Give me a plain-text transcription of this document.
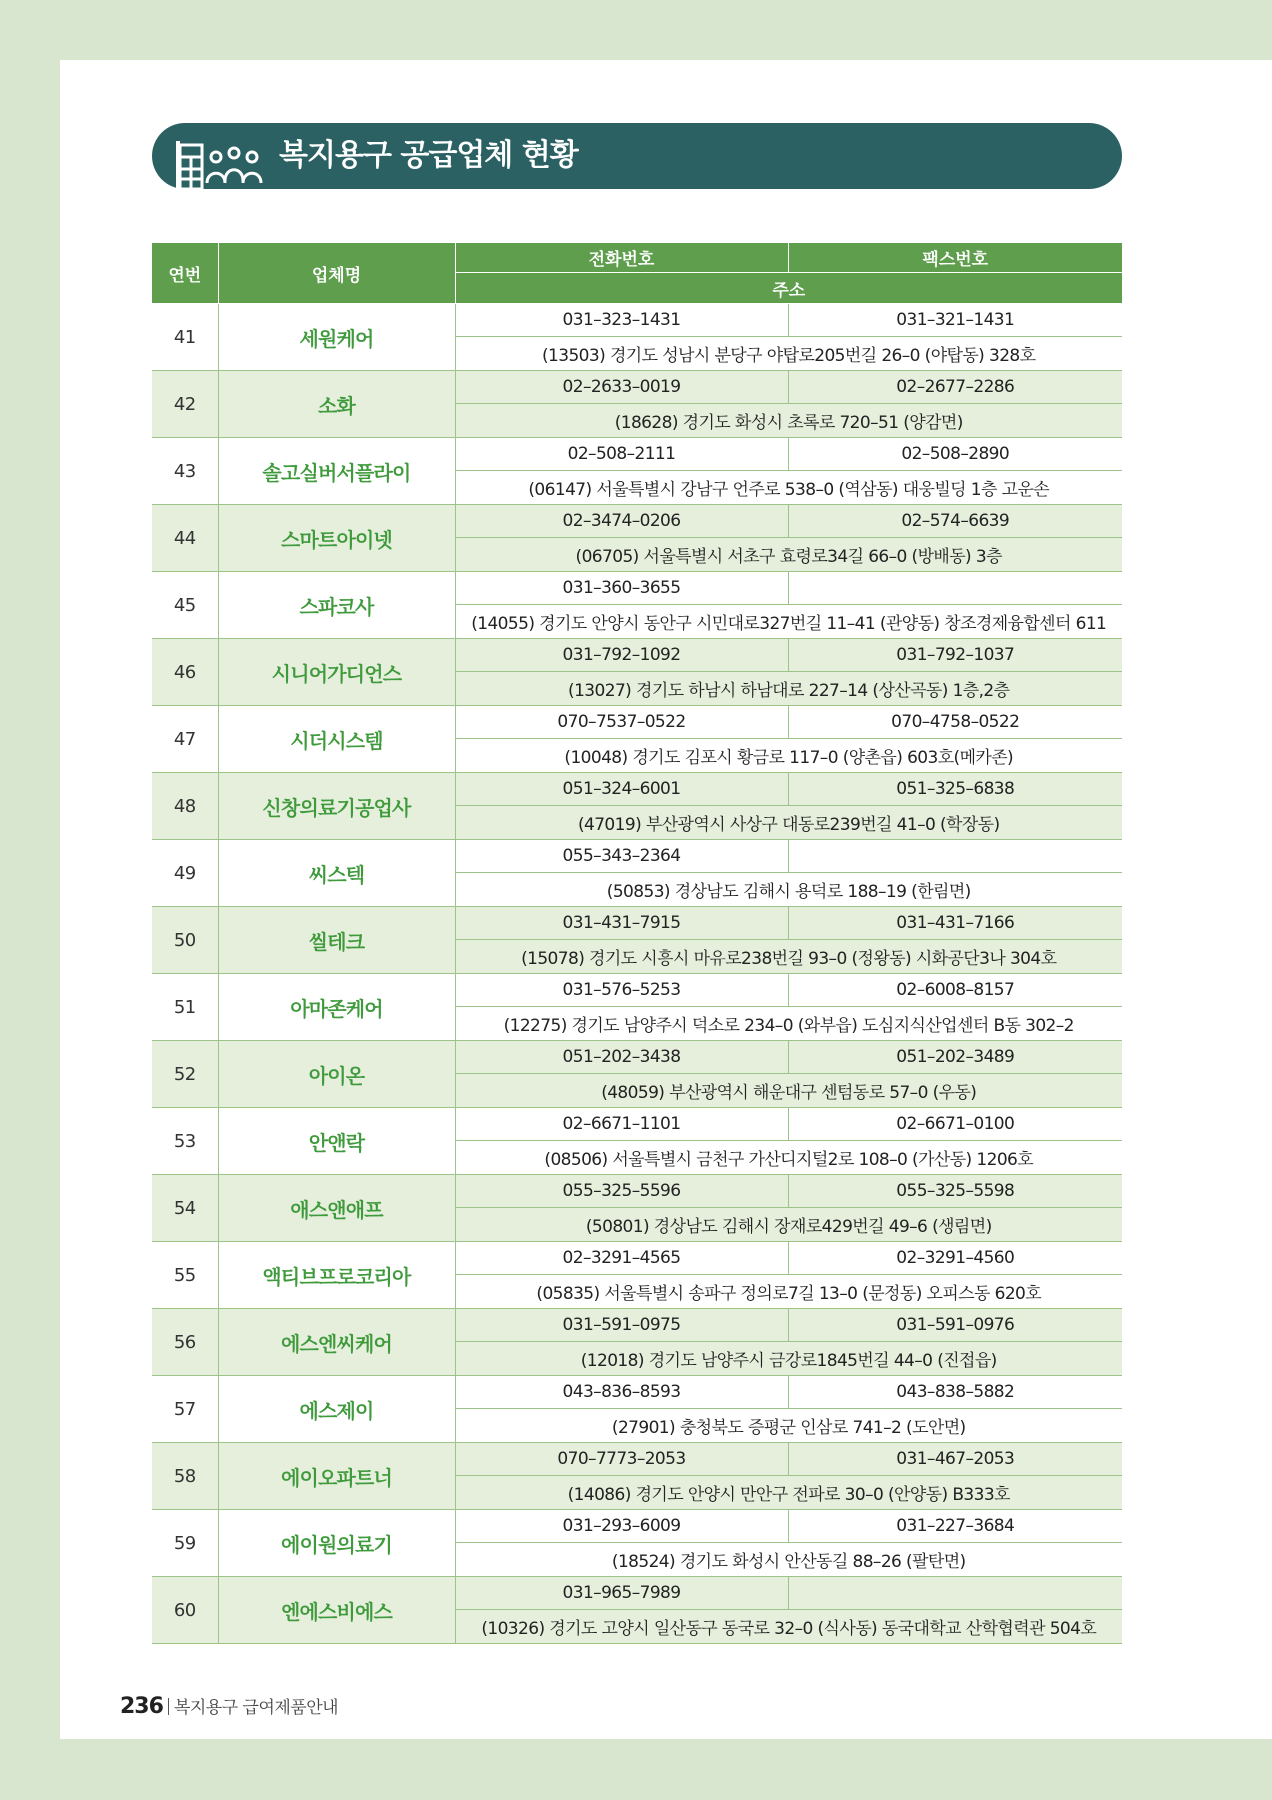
복지용구 공급업체 현황
연번	업체명	전화번호	팩스번호
		주소	
41	세원케어	031–323–1431	031–321–1431
		(13503) 경기도 성남시 분당구 야탑로205번길 26–0 (야탑동) 328호	
42	소화	02–2633–0019	02–2677–2286
		(18628) 경기도 화성시 초록로 720–51 (양감면)	
43	솔고실버서플라이	02–508–2111	02–508–2890
		(06147) 서울특별시 강남구 언주로 538–0 (역삼동) 대웅빌딩 1층 고운손	
44	스마트아이넷	02–3474–0206	02–574–6639
		(06705) 서울특별시 서초구 효령로34길 66–0 (방배동) 3층	
45	스파코사	031–360–3655	
		(14055) 경기도 안양시 동안구 시민대로327번길 11–41 (관양동) 창조경제융합센터 611	
46	시니어가디언스	031–792–1092	031–792–1037
		(13027) 경기도 하남시 하남대로 227–14 (상산곡동) 1층,2층	
47	시더시스템	070–7537–0522	070–4758–0522
		(10048) 경기도 김포시 황금로 117–0 (양촌읍) 603호(메카존)	
48	신창의료기공업사	051–324–6001	051–325–6838
		(47019) 부산광역시 사상구 대동로239번길 41–0 (학장동)	
49	씨스텍	055–343–2364	
		(50853) 경상남도 김해시 용덕로 188–19 (한림면)	
50	씰테크	031–431–7915	031–431–7166
		(15078) 경기도 시흥시 마유로238번길 93–0 (정왕동) 시화공단3나 304호	
51	아마존케어	031–576–5253	02–6008–8157
		(12275) 경기도 남양주시 덕소로 234–0 (와부읍) 도심지식산업센터 B동 302–2	
52	아이온	051–202–3438	051–202–3489
		(48059) 부산광역시 해운대구 센텀동로 57–0 (우동)	
53	안앤락	02–6671–1101	02–6671–0100
		(08506) 서울특별시 금천구 가산디지털2로 108–0 (가산동) 1206호	
54	애스앤애프	055–325–5596	055–325–5598
		(50801) 경상남도 김해시 장재로429번길 49–6 (생림면)	
55	액티브프로코리아	02–3291–4565	02–3291–4560
		(05835) 서울특별시 송파구 정의로7길 13–0 (문정동) 오피스동 620호	
56	에스엔씨케어	031–591–0975	031–591–0976
		(12018) 경기도 남양주시 금강로1845번길 44–0 (진접읍)	
57	에스제이	043–836–8593	043–838–5882
		(27901) 충청북도 증평군 인삼로 741–2 (도안면)	
58	에이오파트너	070–7773–2053	031–467–2053
		(14086) 경기도 안양시 만안구 전파로 30–0 (안양동) B333호	
59	에이원의료기	031–293–6009	031–227–3684
		(18524) 경기도 화성시 안산동길 88–26 (팔탄면)	
60	엔에스비에스	031–965–7989	
		(10326) 경기도 고양시 일산동구 동국로 32–0 (식사동) 동국대학교 산학협력관 504호	
236 복지용구 급여제품안내
